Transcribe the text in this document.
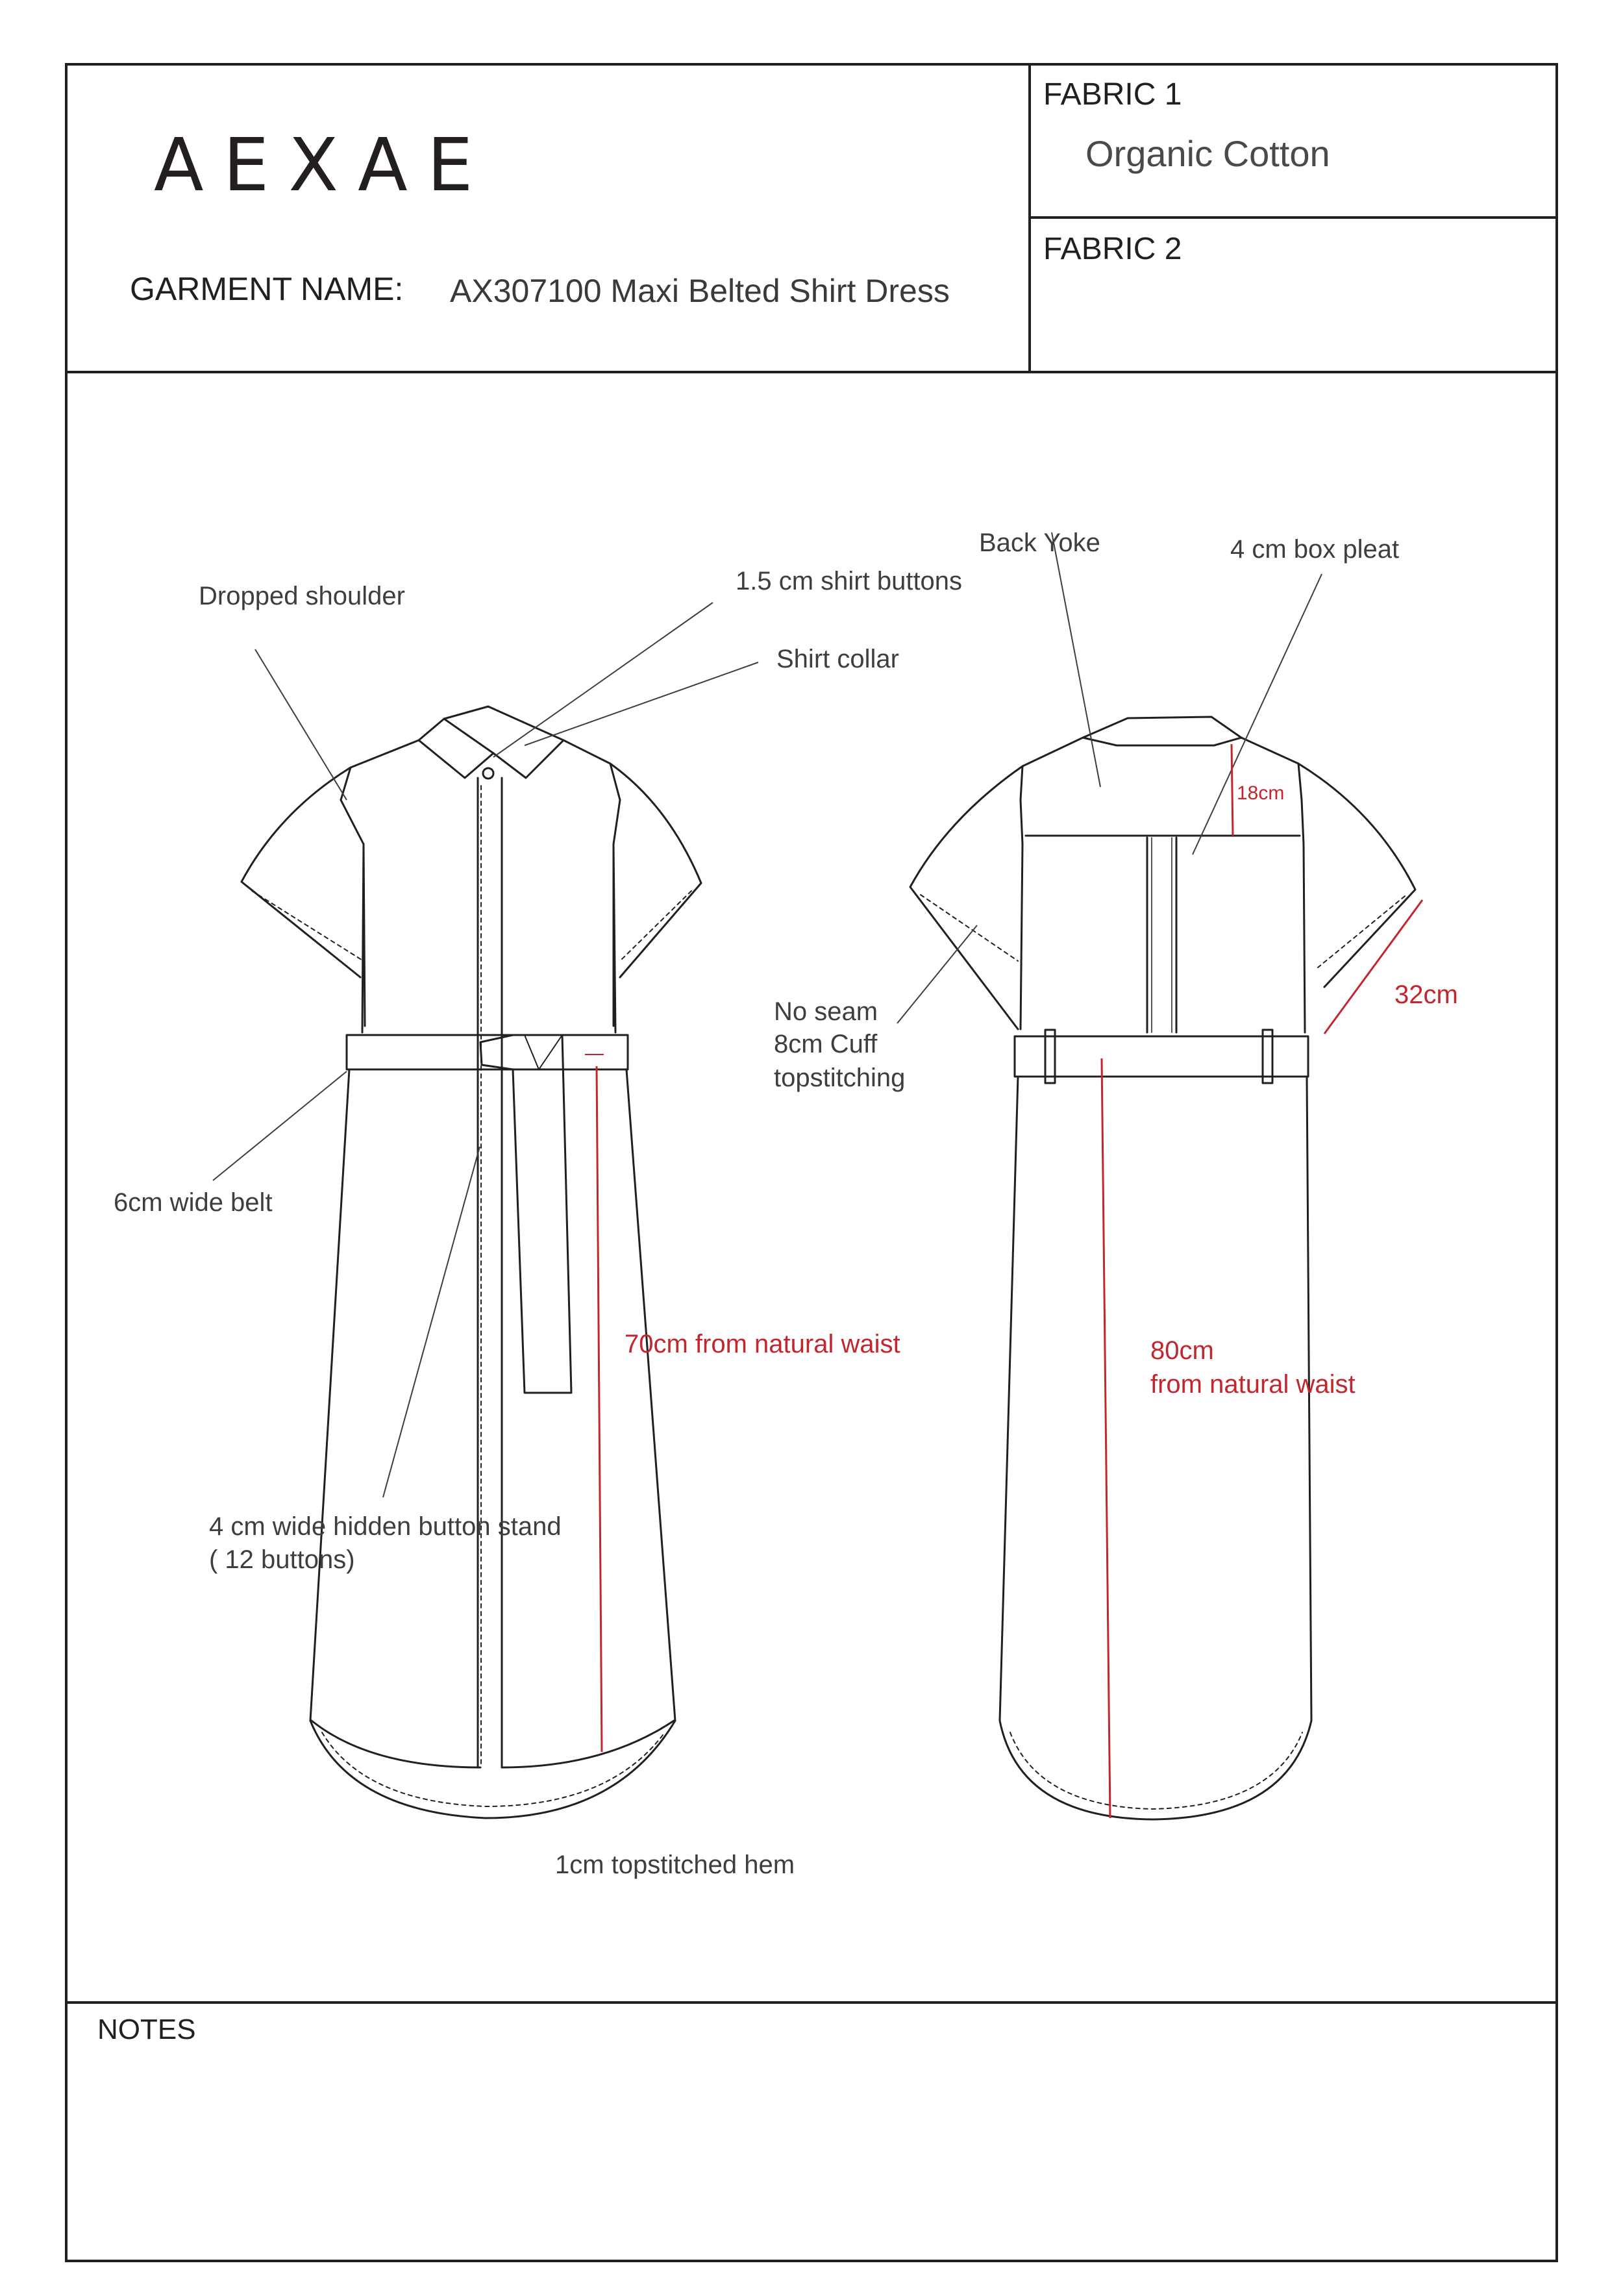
AEXAE
GARMENT NAME: AX307100 Maxi Belted Shirt Dress
FABRIC 1
Organic Cotton
FABRIC 2
Dropped shoulder
1.5 cm shirt buttons
Shirt collar
Back Yoke	4 cm box pleat
No seam
8cm Cuff
topstitching
6cm wide belt
4 cm wide hidden button stand
( 12 buttons)
1cm topstitched hem
70cm from natural waist	80cm
from natural waist
18cm
32cm
NOTES
